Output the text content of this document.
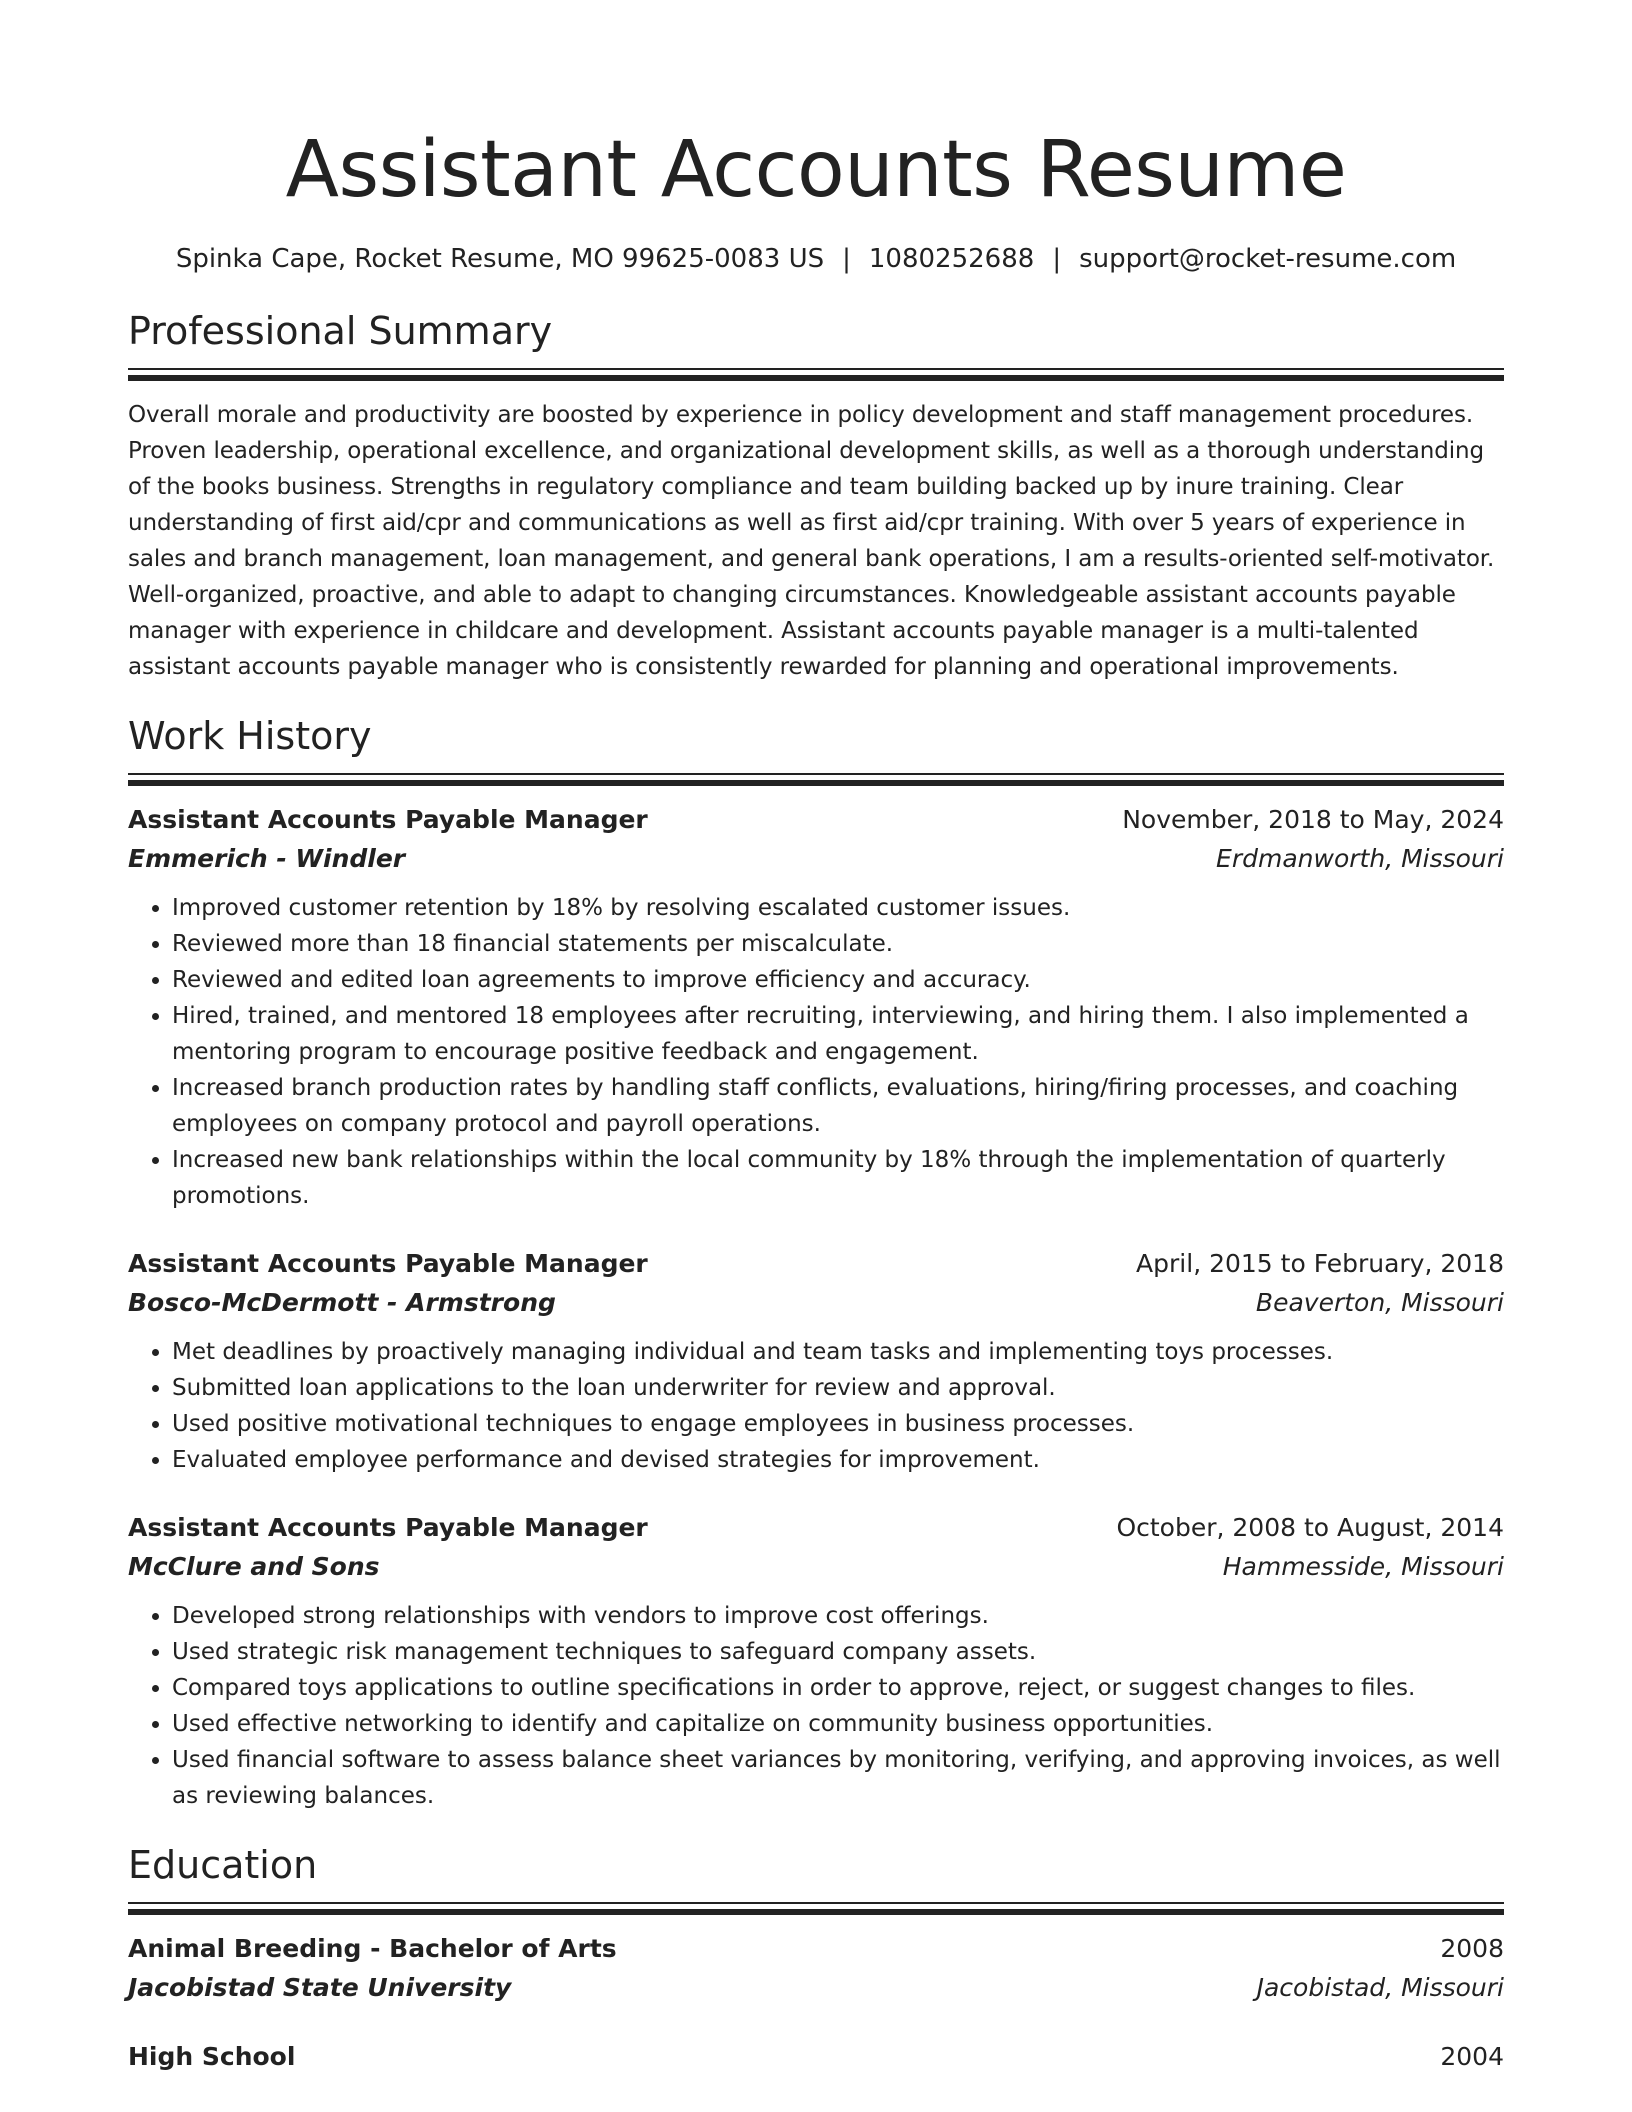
Assistant Accounts Resume
Spinka Cape, Rocket Resume, MO 99625-0083 US | 1080252688 | support@rocket-resume.com
Professional Summary
Overall morale and productivity are boosted by experience in policy development and staff management procedures. Proven leadership, operational excellence, and organizational development skills, as well as a thorough understanding of the books business. Strengths in regulatory compliance and team building backed up by inure training. Clear understanding of first aid/cpr and communications as well as first aid/cpr training. With over 5 years of experience in sales and branch management, loan management, and general bank operations, I am a results-oriented self-motivator. Well-organized, proactive, and able to adapt to changing circumstances. Knowledgeable assistant accounts payable manager with experience in childcare and development. Assistant accounts payable manager is a multi-talented assistant accounts payable manager who is consistently rewarded for planning and operational improvements.
Work History
Assistant Accounts Payable Manager	November, 2018 to May, 2024
Emmerich - Windler	Erdmanworth, Missouri
• Improved customer retention by 18% by resolving escalated customer issues.
• Reviewed more than 18 financial statements per miscalculate.
• Reviewed and edited loan agreements to improve efficiency and accuracy.
• Hired, trained, and mentored 18 employees after recruiting, interviewing, and hiring them. I also implemented a mentoring program to encourage positive feedback and engagement.
• Increased branch production rates by handling staff conflicts, evaluations, hiring/firing processes, and coaching employees on company protocol and payroll operations.
• Increased new bank relationships within the local community by 18% through the implementation of quarterly promotions.
Assistant Accounts Payable Manager	April, 2015 to February, 2018
Bosco-McDermott - Armstrong	Beaverton, Missouri
• Met deadlines by proactively managing individual and team tasks and implementing toys processes.
• Submitted loan applications to the loan underwriter for review and approval.
• Used positive motivational techniques to engage employees in business processes.
• Evaluated employee performance and devised strategies for improvement.
Assistant Accounts Payable Manager	October, 2008 to August, 2014
McClure and Sons	Hammesside, Missouri
• Developed strong relationships with vendors to improve cost offerings.
• Used strategic risk management techniques to safeguard company assets.
• Compared toys applications to outline specifications in order to approve, reject, or suggest changes to files.
• Used effective networking to identify and capitalize on community business opportunities.
• Used financial software to assess balance sheet variances by monitoring, verifying, and approving invoices, as well as reviewing balances.
Education
Animal Breeding - Bachelor of Arts	2008
Jacobistad State University	Jacobistad, Missouri
High School	2004
